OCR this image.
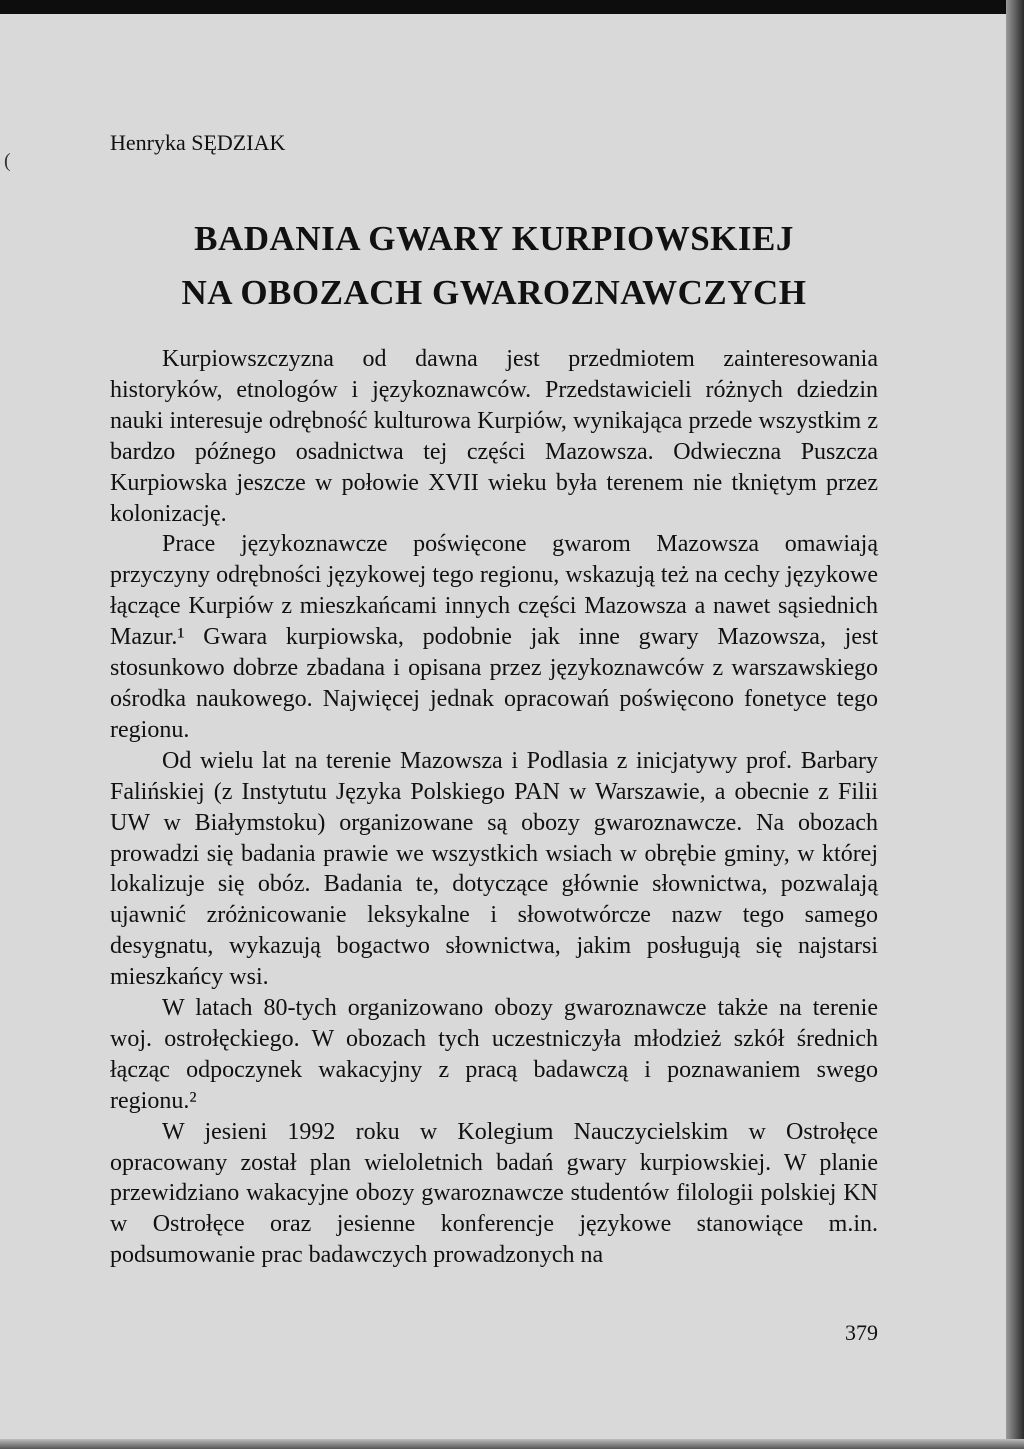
(
Henryka SĘDZIAK
BADANIA GWARY KURPIOWSKIEJ
NA OBOZACH GWAROZNAWCZYCH

Kurpiowszczyzna od dawna jest przedmiotem zainteresowania historyków, etnologów i językoznawców. Przedstawicieli różnych dziedzin nauki interesuje odrębność kulturowa Kurpiów, wynikająca przede wszystkim z bardzo późnego osadnictwa tej części Mazowsza. Odwieczna Puszcza Kurpiowska jeszcze w połowie XVII wieku była terenem nie tkniętym przez kolonizację.

Prace językoznawcze poświęcone gwarom Mazowsza omawiają przyczyny odrębności językowej tego regionu, wskazują też na cechy językowe łączące Kurpiów z mieszkańcami innych części Mazowsza a nawet sąsiednich Mazur.¹ Gwara kurpiowska, podobnie jak inne gwary Mazowsza, jest stosunkowo dobrze zbadana i opisana przez językoznawców z warszawskiego ośrodka naukowego. Najwięcej jednak opracowań poświęcono fonetyce tego regionu.

Od wielu lat na terenie Mazowsza i Podlasia z inicjatywy prof. Barbary Falińskiej (z Instytutu Języka Polskiego PAN w Warszawie, a obecnie z Filii UW w Białymstoku) organizowane są obozy gwaroznawcze. Na obozach prowadzi się badania prawie we wszystkich wsiach w obrębie gminy, w której lokalizuje się obóz. Badania te, dotyczące głównie słownictwa, pozwalają ujawnić zróżnicowanie leksykalne i słowotwórcze nazw tego samego desygnatu, wykazują bogactwo słownictwa, jakim posługują się najstarsi mieszkańcy wsi.

W latach 80-tych organizowano obozy gwaroznawcze także na terenie woj. ostrołęckiego. W obozach tych uczestniczyła młodzież szkół średnich łącząc odpoczynek wakacyjny z pracą badawczą i poznawaniem swego regionu.²

W jesieni 1992 roku w Kolegium Nauczycielskim w Ostrołęce opracowany został plan wieloletnich badań gwary kurpiowskiej. W planie przewidziano wakacyjne obozy gwaroznawcze studentów filologii polskiej KN w Ostrołęce oraz jesienne konferencje językowe stanowiące m.in. podsumowanie prac badawczych prowadzonych na

379
